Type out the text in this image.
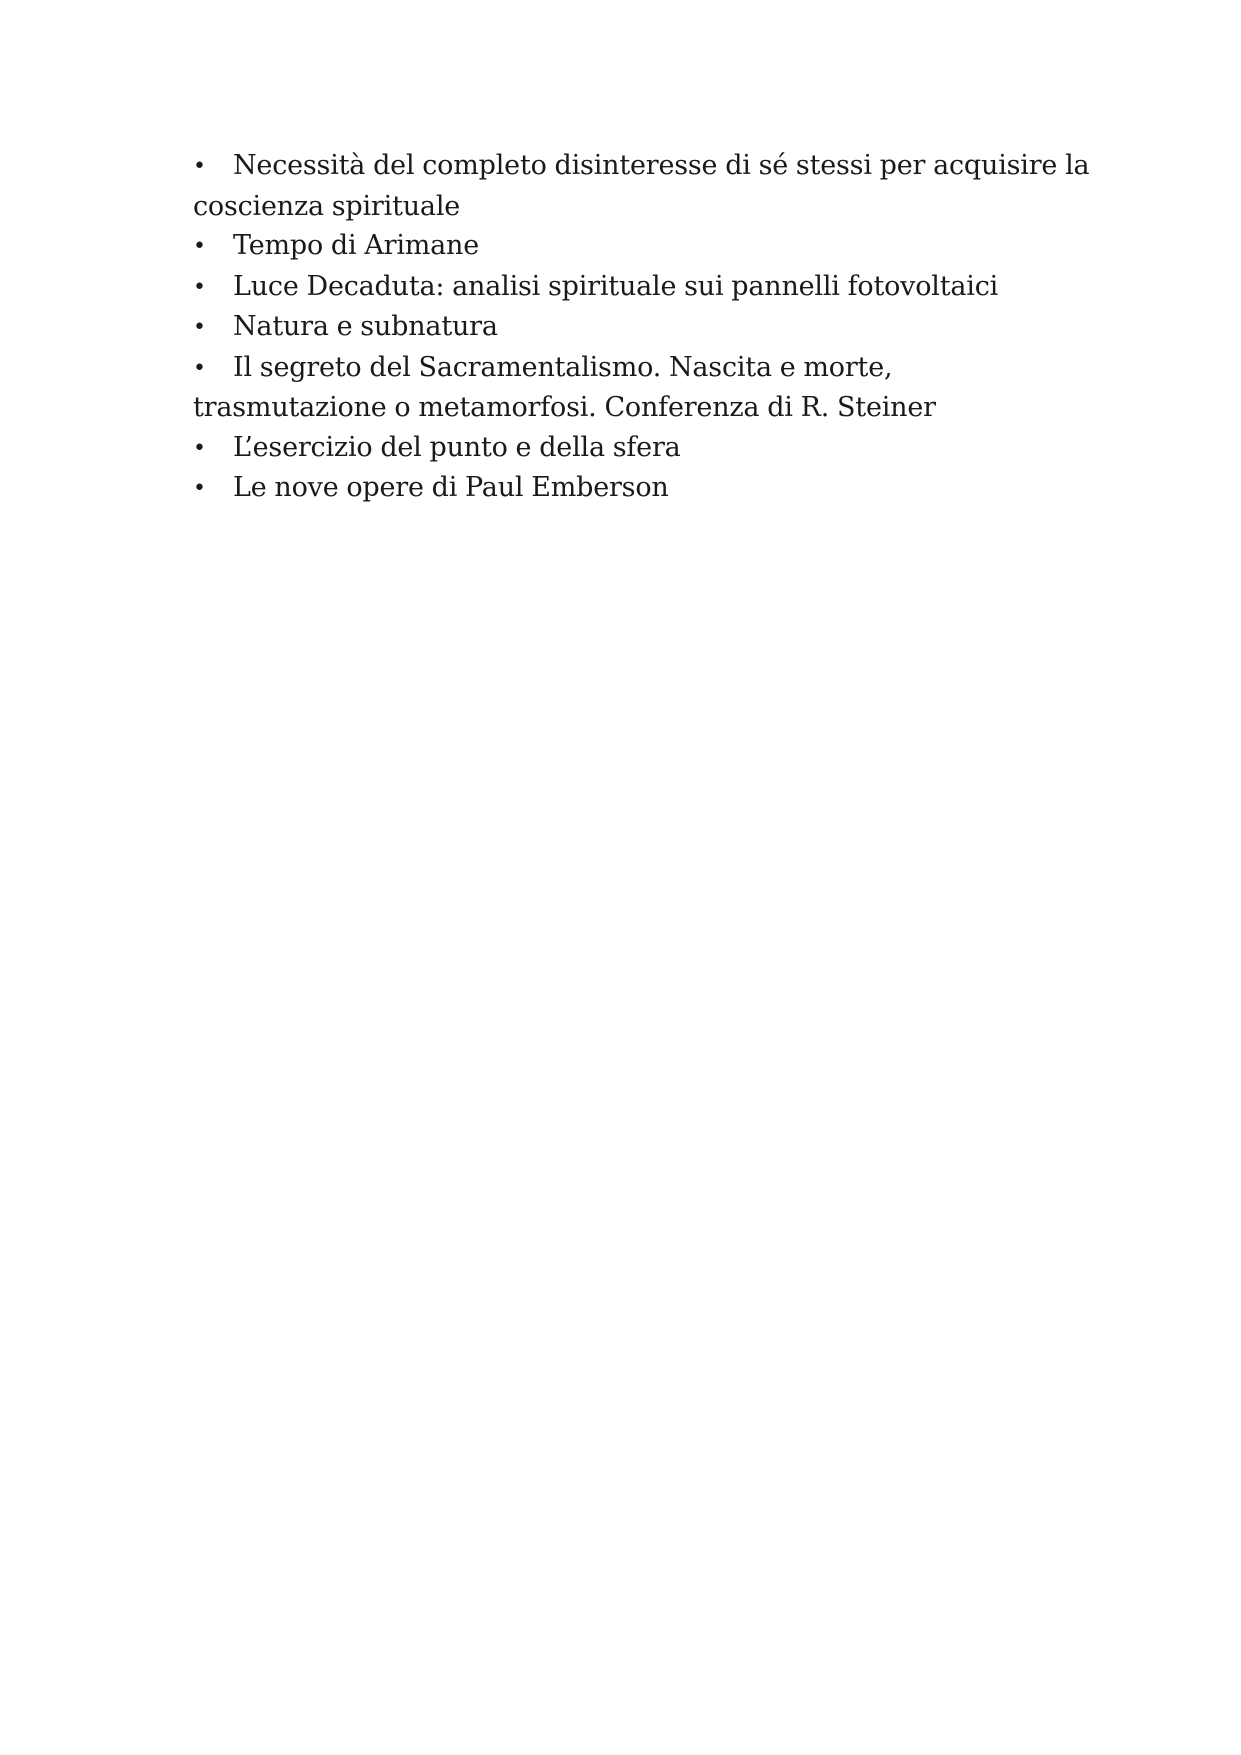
• Necessità del completo disinteresse di sé stessi per acquisire la coscienza spirituale
• Tempo di Arimane
• Luce Decaduta: analisi spirituale sui pannelli fotovoltaici
• Natura e subnatura
• Il segreto del Sacramentalismo. Nascita e morte, trasmutazione o metamorfosi. Conferenza di R. Steiner
• L’esercizio del punto e della sfera
• Le nove opere di Paul Emberson
